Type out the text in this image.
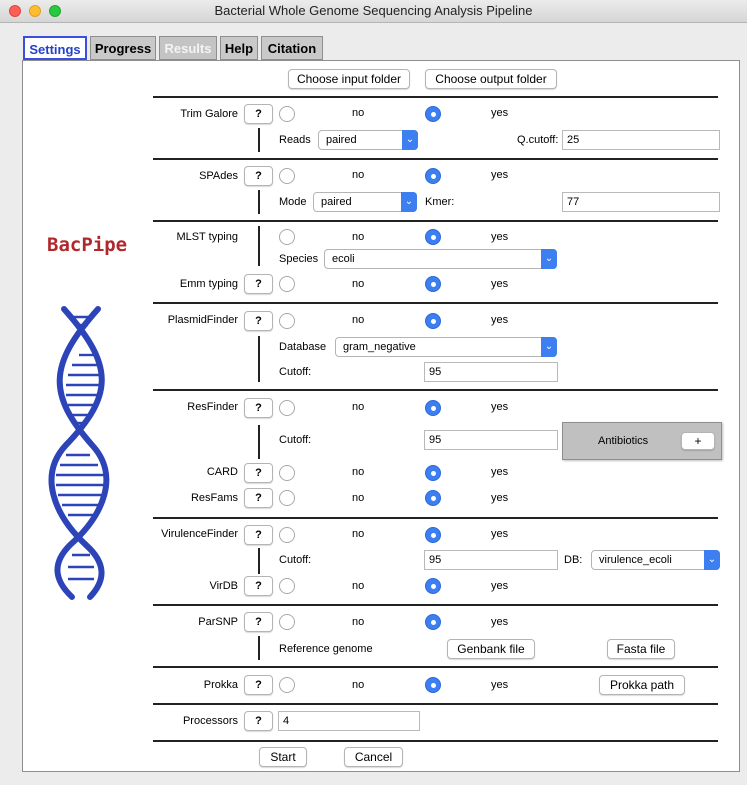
Bacterial Whole Genome Sequencing Analysis Pipeline
Settings	Progress	Results	Help	Citation
BacPipe
Choose input folder	Choose output folder
Trim Galore	?	no	yes
Reads	paired	⌄	Q.cutoff: 25
SPAdes	?	no	yes
Mode	paired	⌄	Kmer:	77
MLST typing	no	yes
Species	ecoli	⌄
Emm typing	?	no	yes
PlasmidFinder	?	no	yes
Database	gram_negative	⌄
Cutoff:	95
ResFinder	?	no	yes
Cutoff:	95	Antibiotics	+
CARD	?	no	yes
ResFams	?	no	yes
VirulenceFinder	?	no	yes
Cutoff:	95	DB:	virulence_ecoli	⌄
VirDB	?	no	yes
ParSNP	?	no	yes
Reference genome	Genbank file	Fasta file
Prokka	?	no	yes	Prokka path
Processors	?	4
Start	Cancel
